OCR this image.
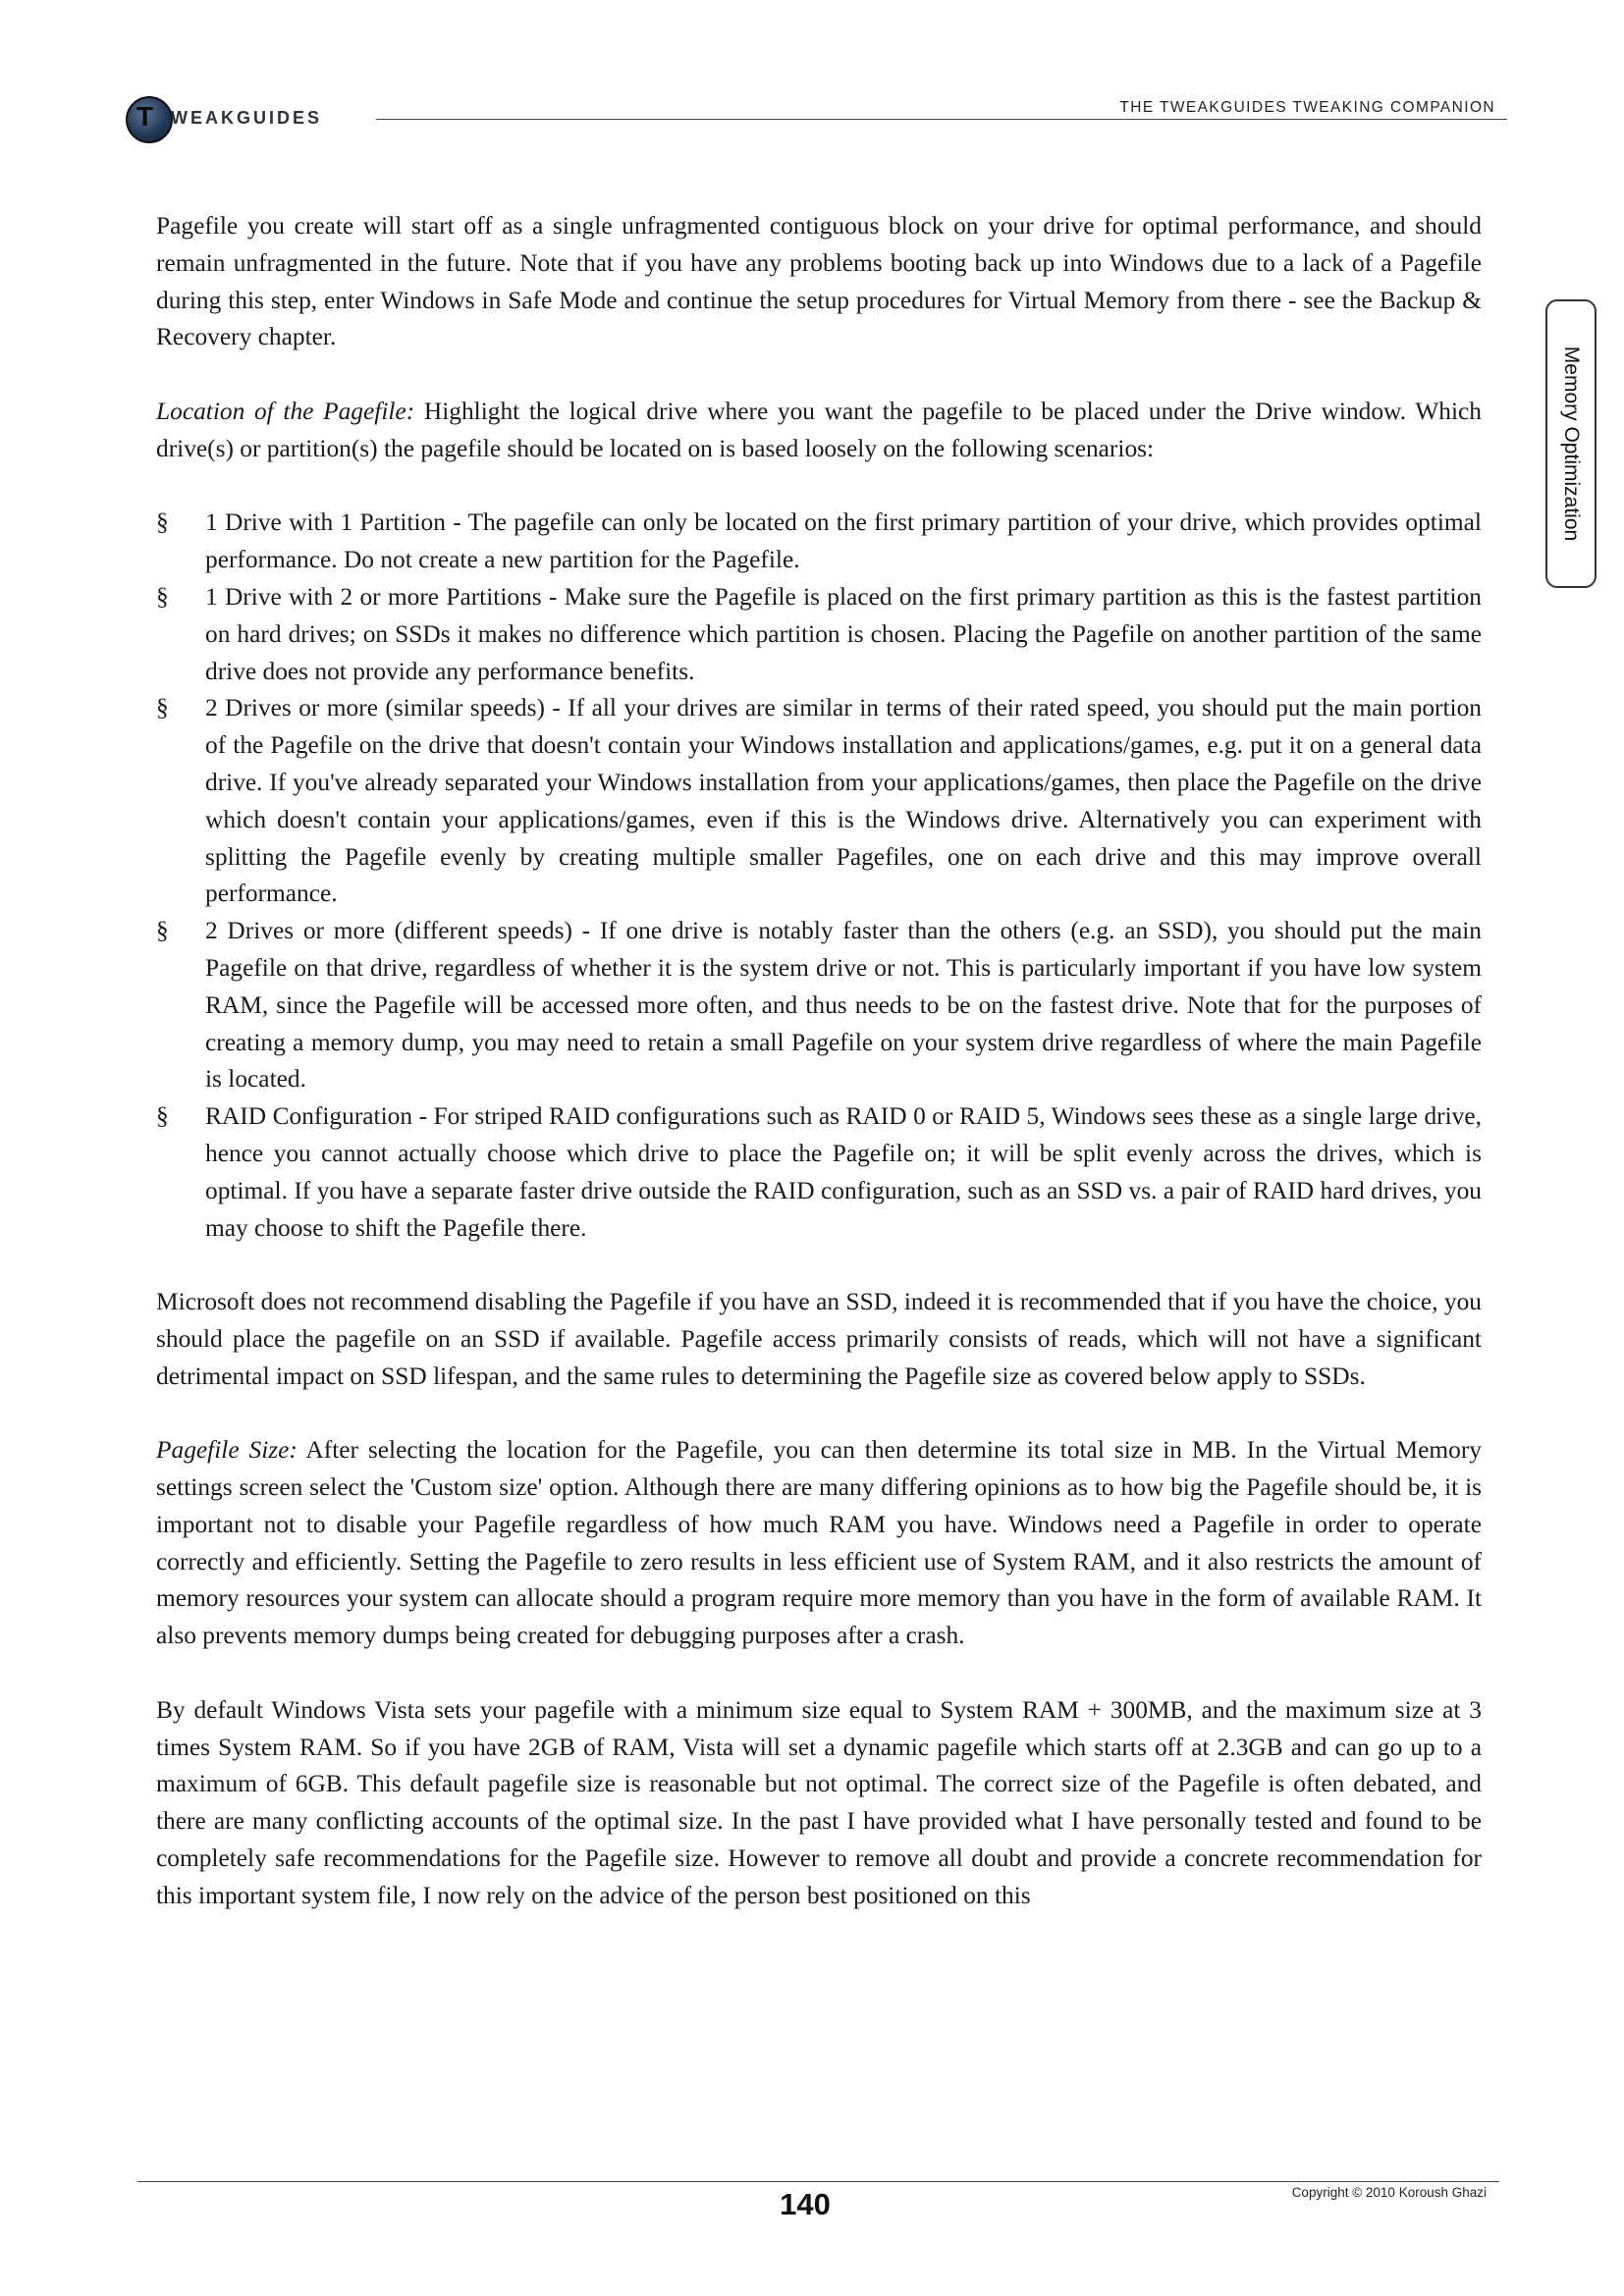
T WEAKGUIDES
THE TWEAKGUIDES TWEAKING COMPANION
Memory Optimization

Pagefile you create will start off as a single unfragmented contiguous block on your drive for optimal performance, and should remain unfragmented in the future. Note that if you have any problems booting back up into Windows due to a lack of a Pagefile during this step, enter Windows in Safe Mode and continue the setup procedures for Virtual Memory from there - see the Backup & Recovery chapter.

Location of the Pagefile: Highlight the logical drive where you want the pagefile to be placed under the Drive window. Which drive(s) or partition(s) the pagefile should be located on is based loosely on the following scenarios:

§ 1 Drive with 1 Partition - The pagefile can only be located on the first primary partition of your drive, which provides optimal performance. Do not create a new partition for the Pagefile.
§ 1 Drive with 2 or more Partitions - Make sure the Pagefile is placed on the first primary partition as this is the fastest partition on hard drives; on SSDs it makes no difference which partition is chosen. Placing the Pagefile on another partition of the same drive does not provide any performance benefits.
§ 2 Drives or more (similar speeds) - If all your drives are similar in terms of their rated speed, you should put the main portion of the Pagefile on the drive that doesn't contain your Windows installation and applications/games, e.g. put it on a general data drive. If you've already separated your Windows installation from your applications/games, then place the Pagefile on the drive which doesn't contain your applications/games, even if this is the Windows drive. Alternatively you can experiment with splitting the Pagefile evenly by creating multiple smaller Pagefiles, one on each drive and this may improve overall performance.
§ 2 Drives or more (different speeds) - If one drive is notably faster than the others (e.g. an SSD), you should put the main Pagefile on that drive, regardless of whether it is the system drive or not. This is particularly important if you have low system RAM, since the Pagefile will be accessed more often, and thus needs to be on the fastest drive. Note that for the purposes of creating a memory dump, you may need to retain a small Pagefile on your system drive regardless of where the main Pagefile is located.
§ RAID Configuration - For striped RAID configurations such as RAID 0 or RAID 5, Windows sees these as a single large drive, hence you cannot actually choose which drive to place the Pagefile on; it will be split evenly across the drives, which is optimal. If you have a separate faster drive outside the RAID configuration, such as an SSD vs. a pair of RAID hard drives, you may choose to shift the Pagefile there.

Microsoft does not recommend disabling the Pagefile if you have an SSD, indeed it is recommended that if you have the choice, you should place the pagefile on an SSD if available. Pagefile access primarily consists of reads, which will not have a significant detrimental impact on SSD lifespan, and the same rules to determining the Pagefile size as covered below apply to SSDs.

Pagefile Size: After selecting the location for the Pagefile, you can then determine its total size in MB. In the Virtual Memory settings screen select the 'Custom size' option. Although there are many differing opinions as to how big the Pagefile should be, it is important not to disable your Pagefile regardless of how much RAM you have. Windows need a Pagefile in order to operate correctly and efficiently. Setting the Pagefile to zero results in less efficient use of System RAM, and it also restricts the amount of memory resources your system can allocate should a program require more memory than you have in the form of available RAM. It also prevents memory dumps being created for debugging purposes after a crash.

By default Windows Vista sets your pagefile with a minimum size equal to System RAM + 300MB, and the maximum size at 3 times System RAM. So if you have 2GB of RAM, Vista will set a dynamic pagefile which starts off at 2.3GB and can go up to a maximum of 6GB. This default pagefile size is reasonable but not optimal. The correct size of the Pagefile is often debated, and there are many conflicting accounts of the optimal size. In the past I have provided what I have personally tested and found to be completely safe recommendations for the Pagefile size. However to remove all doubt and provide a concrete recommendation for this important system file, I now rely on the advice of the person best positioned on this

140	Copyright © 2010 Koroush Ghazi
